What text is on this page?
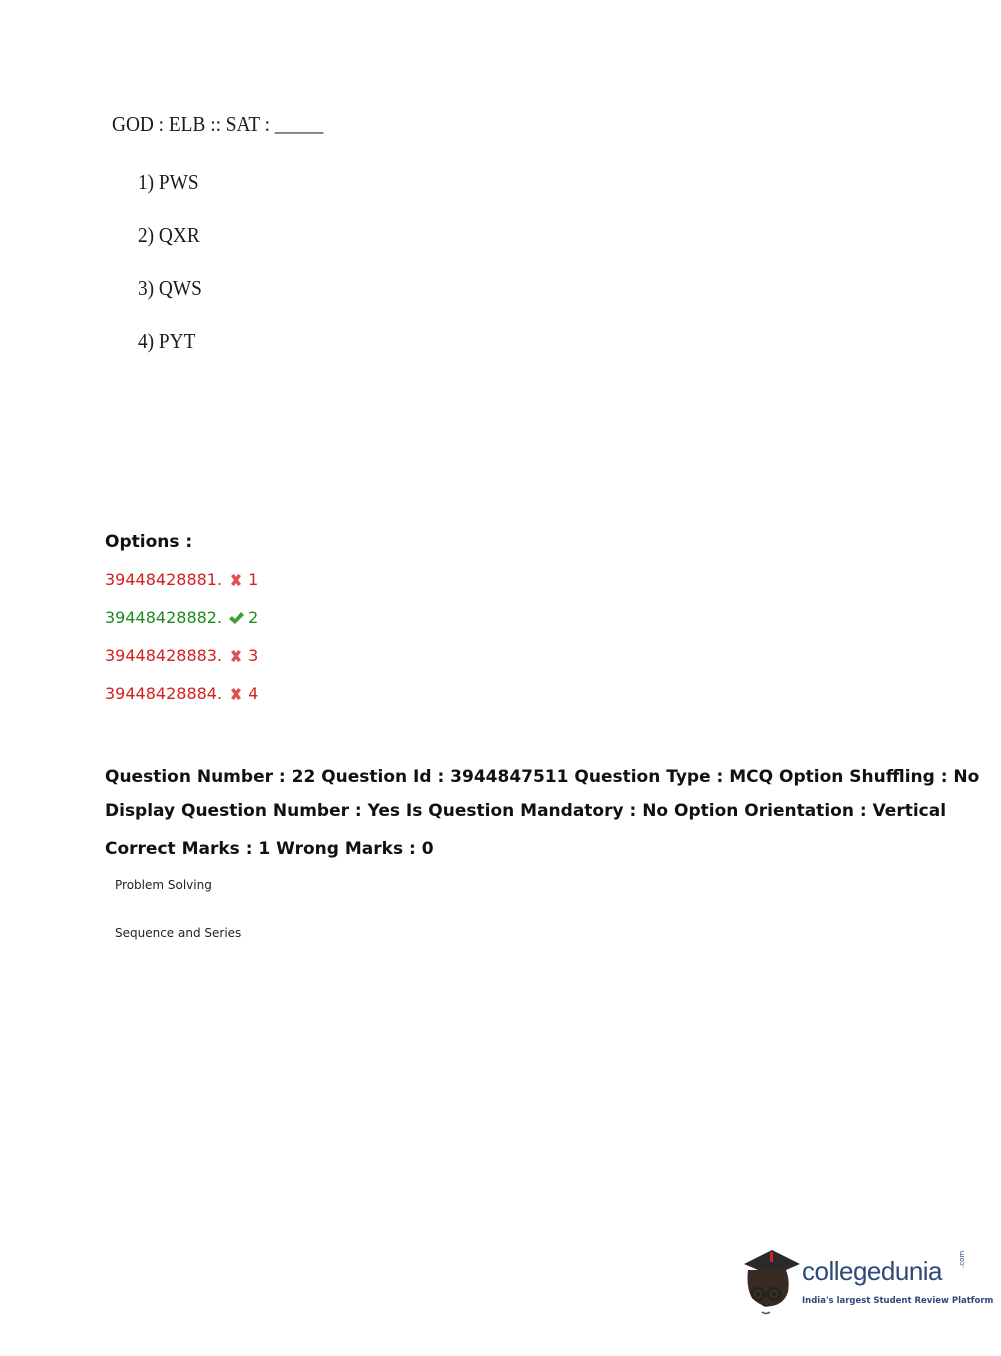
GOD : ELB :: SAT : _____
1) PWS
2) QXR
3) QWS
4) PYT
Options :
39448428881. 1
39448428882. 2
39448428883. 3
39448428884. 4
Question Number : 22 Question Id : 3944847511 Question Type : MCQ Option Shuffling : No
Display Question Number : Yes Is Question Mandatory : No Option Orientation : Vertical
Correct Marks : 1 Wrong Marks : 0
Problem Solving
Sequence and Series
collegedunia .com
India's largest Student Review Platform
